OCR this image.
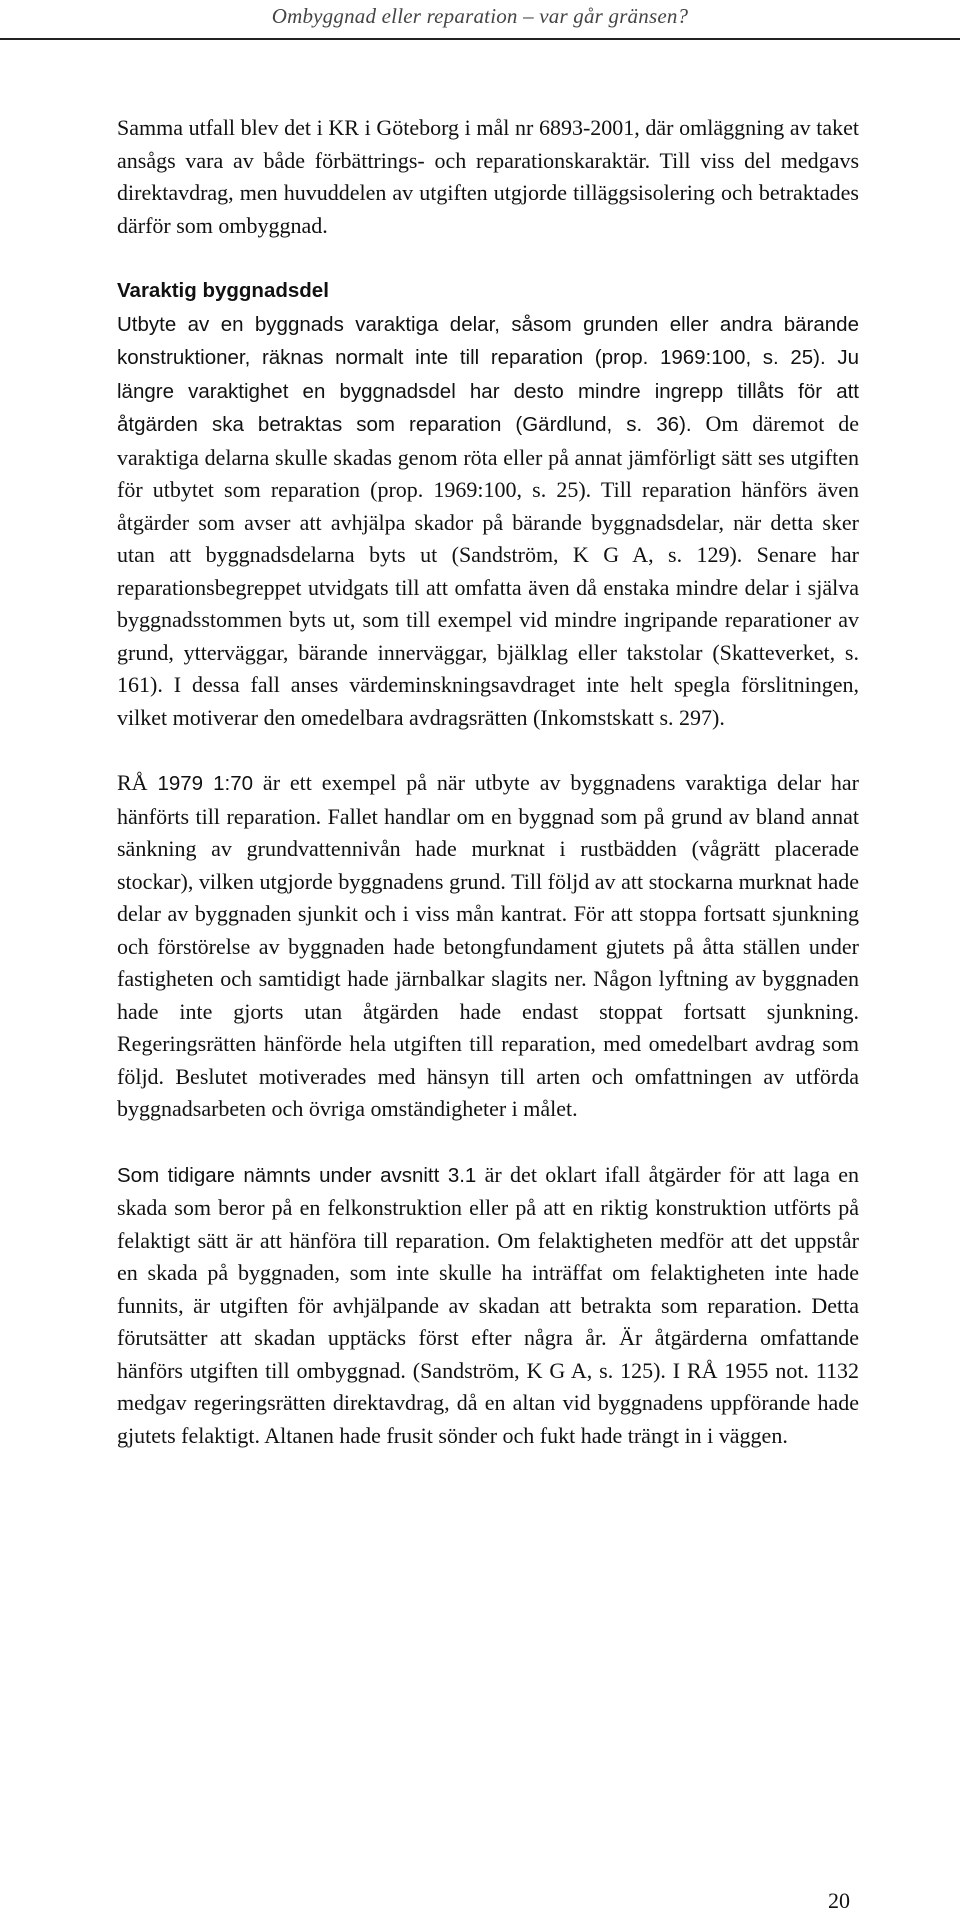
Ombyggnad eller reparation – var går gränsen?

Samma utfall blev det i KR i Göteborg i mål nr 6893-2001, där omläggning av taket ansågs vara av både förbättrings- och reparationskaraktär. Till viss del medgavs direktavdrag, men huvuddelen av utgiften utgjorde tilläggsisolering och betraktades därför som ombyggnad.

Varaktig byggnadsdel

Utbyte av en byggnads varaktiga delar, såsom grunden eller andra bärande konstruktioner, räknas normalt inte till reparation (prop. 1969:100, s. 25). Ju längre varaktighet en byggnadsdel har desto mindre ingrepp tillåts för att åtgärden ska betraktas som reparation (Gärdlund, s. 36). Om däremot de varaktiga delarna skulle skadas genom röta eller på annat jämförligt sätt ses utgiften för utbytet som reparation (prop. 1969:100, s. 25). Till reparation hänförs även åtgärder som avser att avhjälpa skador på bärande byggnadsdelar, när detta sker utan att byggnadsdelarna byts ut (Sandström, K G A, s. 129). Senare har reparationsbegreppet utvidgats till att omfatta även då enstaka mindre delar i själva byggnadsstommen byts ut, som till exempel vid mindre ingripande reparationer av grund, ytterväggar, bärande innerväggar, bjälklag eller takstolar (Skatteverket, s. 161). I dessa fall anses värdeminskningsavdraget inte helt spegla förslitningen, vilket motiverar den omedelbara avdragsrätten (Inkomstskatt s. 297).

RÅ 1979 1:70 är ett exempel på när utbyte av byggnadens varaktiga delar har hänförts till reparation. Fallet handlar om en byggnad som på grund av bland annat sänkning av grundvattennivån hade murknat i rustbädden (vågrätt placerade stockar), vilken utgjorde byggnadens grund. Till följd av att stockarna murknat hade delar av byggnaden sjunkit och i viss mån kantrat. För att stoppa fortsatt sjunkning och förstörelse av byggnaden hade betongfundament gjutets på åtta ställen under fastigheten och samtidigt hade järnbalkar slagits ner. Någon lyftning av byggnaden hade inte gjorts utan åtgärden hade endast stoppat fortsatt sjunkning. Regeringsrätten hänförde hela utgiften till reparation, med omedelbart avdrag som följd. Beslutet motiverades med hänsyn till arten och omfattningen av utförda byggnadsarbeten och övriga omständigheter i målet.

Som tidigare nämnts under avsnitt 3.1 är det oklart ifall åtgärder för att laga en skada som beror på en felkonstruktion eller på att en riktig konstruktion utförts på felaktigt sätt är att hänföra till reparation. Om felaktigheten medför att det uppstår en skada på byggnaden, som inte skulle ha inträffat om felaktigheten inte hade funnits, är utgiften för avhjälpande av skadan att betrakta som reparation. Detta förutsätter att skadan upptäcks först efter några år. Är åtgärderna omfattande hänförs utgiften till ombyggnad. (Sandström, K G A, s. 125). I RÅ 1955 not. 1132 medgav regeringsrätten direktavdrag, då en altan vid byggnadens uppförande hade gjutets felaktigt. Altanen hade frusit sönder och fukt hade trängt in i väggen.

20
